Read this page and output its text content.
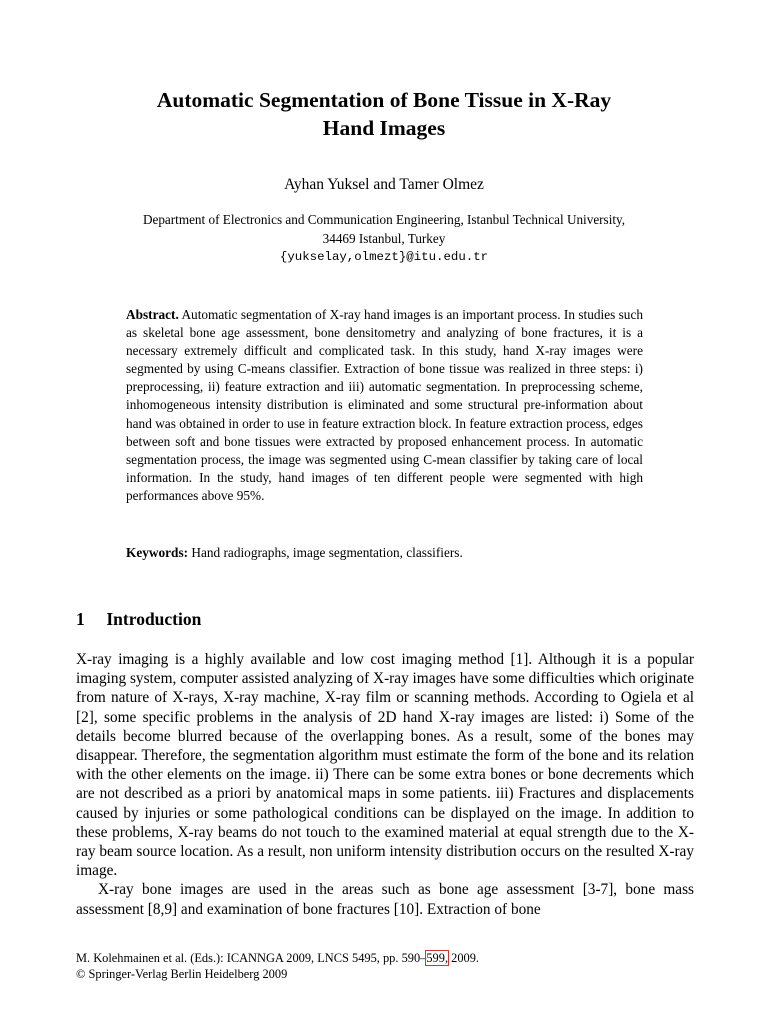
Automatic Segmentation of Bone Tissue in X-Ray
Hand Images
Ayhan Yuksel and Tamer Olmez
Department of Electronics and Communication Engineering, Istanbul Technical University,
34469 Istanbul, Turkey
{yukselay,olmezt}@itu.edu.tr
Abstract. Automatic segmentation of X-ray hand images is an important process. In studies such as skeletal bone age assessment, bone densitometry and analyzing of bone fractures, it is a necessary extremely difficult and complicated task. In this study, hand X-ray images were segmented by using C-means classifier. Extraction of bone tissue was realized in three steps: i) preprocessing, ii) feature extraction and iii) automatic segmentation. In preprocessing scheme, inhomogeneous intensity distribution is eliminated and some structural pre-information about hand was obtained in order to use in feature extraction block. In feature extraction process, edges between soft and bone tissues were extracted by proposed enhancement process. In automatic segmentation process, the image was segmented using C-mean classifier by taking care of local information. In the study, hand images of ten different people were segmented with high performances above 95%.
Keywords: Hand radiographs, image segmentation, classifiers.
1 Introduction

X-ray imaging is a highly available and low cost imaging method [1]. Although it is a popular imaging system, computer assisted analyzing of X-ray images have some difficulties which originate from nature of X-rays, X-ray machine, X-ray film or scanning methods. According to Ogiela et al [2], some specific problems in the analysis of 2D hand X-ray images are listed: i) Some of the details become blurred because of the overlapping bones. As a result, some of the bones may disappear. Therefore, the segmentation algorithm must estimate the form of the bone and its relation with the other elements on the image. ii) There can be some extra bones or bone decrements which are not described as a priori by anatomical maps in some patients. iii) Fractures and displacements caused by injuries or some pathological conditions can be displayed on the image. In addition to these problems, X-ray beams do not touch to the examined material at equal strength due to the X-ray beam source location. As a result, non uniform intensity distribution occurs on the resulted X-ray image.

X-ray bone images are used in the areas such as bone age assessment [3-7], bone mass assessment [8,9] and examination of bone fractures [10]. Extraction of bone

M. Kolehmainen et al. (Eds.): ICANNGA 2009, LNCS 5495, pp. 590–599, 2009.
© Springer-Verlag Berlin Heidelberg 2009
